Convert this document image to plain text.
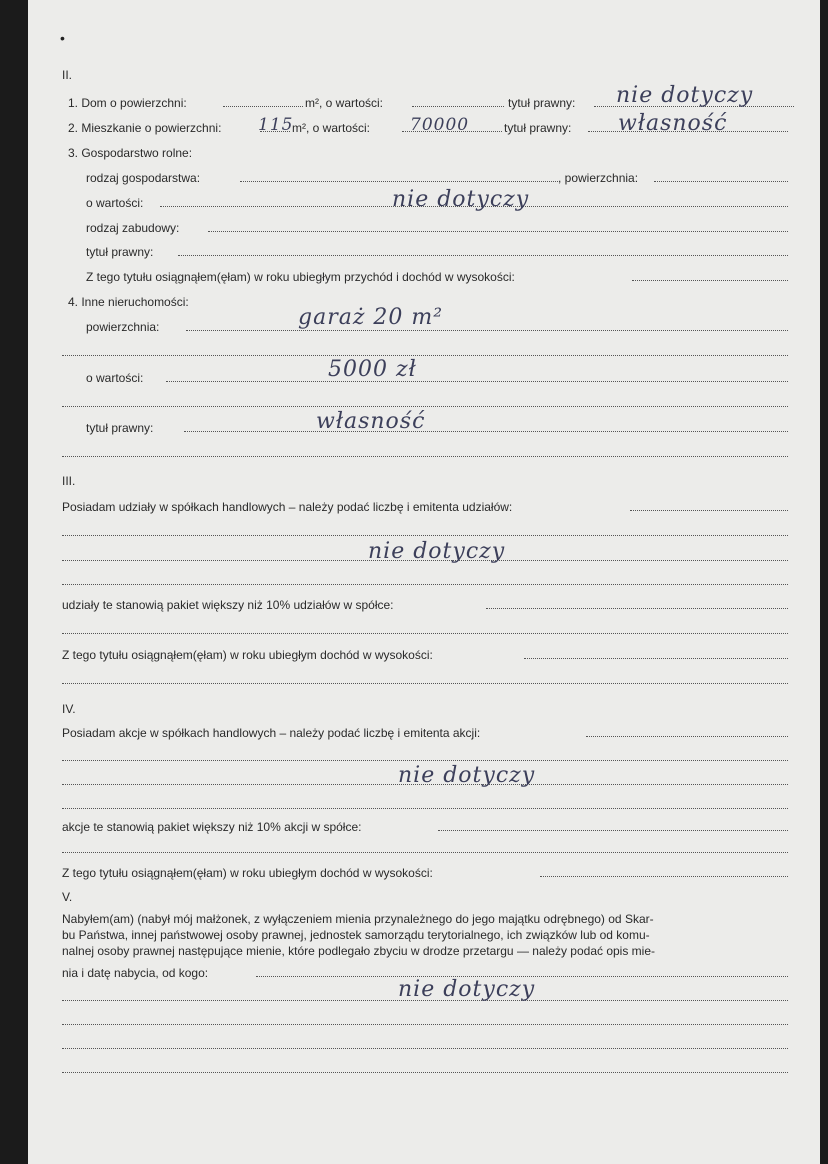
•
II.
1. Dom o powierzchni:	m², o wartości:	tytuł prawny: nie dotyczy
2. Mieszkanie o powierzchni: 115
m², o wartości: 70000	tytuł prawny: własność
3. Gospodarstwo rolne:
rodzaj gospodarstwa:	, powierzchnia:
o wartości:	nie dotyczy
rodzaj zabudowy:
tytuł prawny:
Z tego tytułu osiągnąłem(ęłam) w roku ubiegłym przychód i dochód w wysokości:
4. Inne nieruchomości:
powierzchnia:	garaż 20 m²
o wartości:	5000 zł
tytuł prawny:	własność
III.
Posiadam udziały w spółkach handlowych – należy podać liczbę i emitenta udziałów:
nie dotyczy
udziały te stanowią pakiet większy niż 10% udziałów w spółce:
Z tego tytułu osiągnąłem(ęłam) w roku ubiegłym dochód w wysokości:
IV.
Posiadam akcje w spółkach handlowych – należy podać liczbę i emitenta akcji:
nie dotyczy
akcje te stanowią pakiet większy niż 10% akcji w spółce:
Z tego tytułu osiągnąłem(ęłam) w roku ubiegłym dochód w wysokości:
V.
Nabyłem(am) (nabył mój małżonek, z wyłączeniem mienia przynależnego do jego majątku odrębnego) od Skar-
bu Państwa, innej państwowej osoby prawnej, jednostek samorządu terytorialnego, ich związków lub od komu-
nalnej osoby prawnej następujące mienie, które podlegało zbyciu w drodze przetargu — należy podać opis mie-
nia i datę nabycia, od kogo:
nie dotyczy
